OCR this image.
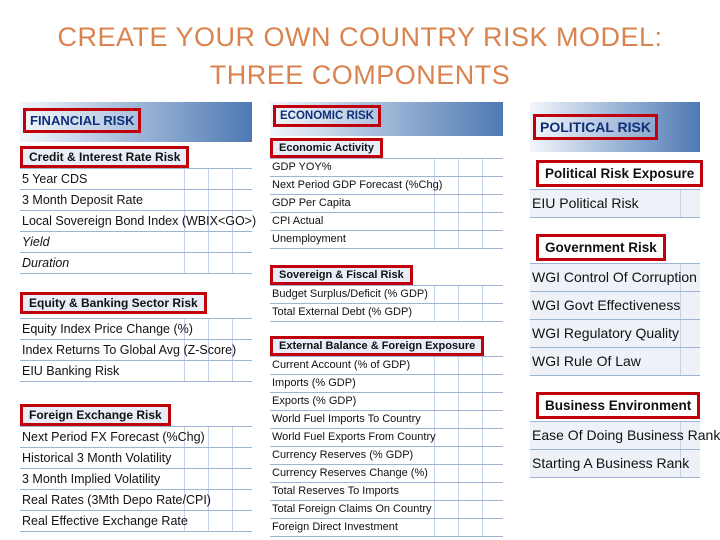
CREATE YOUR OWN COUNTRY RISK MODEL:
THREE COMPONENTS
FINANCIAL RISK
Credit & Interest Rate Risk
5 Year CDS
3 Month Deposit Rate
Local Sovereign Bond Index (WBIX<GO>)
Yield
Duration
Equity & Banking Sector Risk
Equity Index Price Change (%)
Index Returns To Global Avg (Z-Score)
EIU Banking Risk
Foreign Exchange Risk
Next Period FX Forecast (%Chg)
Historical 3 Month Volatility
3 Month Implied Volatility
Real Rates (3Mth Depo Rate/CPI)
Real Effective Exchange Rate
ECONOMIC RISK
Economic Activity
GDP YOY%
Next Period GDP Forecast (%Chg)
GDP Per Capita
CPI Actual
Unemployment
Sovereign & Fiscal Risk
Budget Surplus/Deficit (% GDP)
Total External Debt (% GDP)
External Balance & Foreign Exposure
Current Account (% of GDP)
Imports (% GDP)
Exports (% GDP)
World Fuel Imports To Country
World Fuel Exports From Country
Currency Reserves (% GDP)
Currency Reserves Change (%)
Total Reserves To Imports
Total Foreign Claims On Country
Foreign Direct Investment
POLITICAL RISK
Political Risk Exposure
EIU Political Risk
Government Risk
WGI Control Of Corruption
WGI Govt Effectiveness
WGI Regulatory Quality
WGI Rule Of Law
Business Environment
Ease Of Doing Business Rank
Starting A Business Rank
